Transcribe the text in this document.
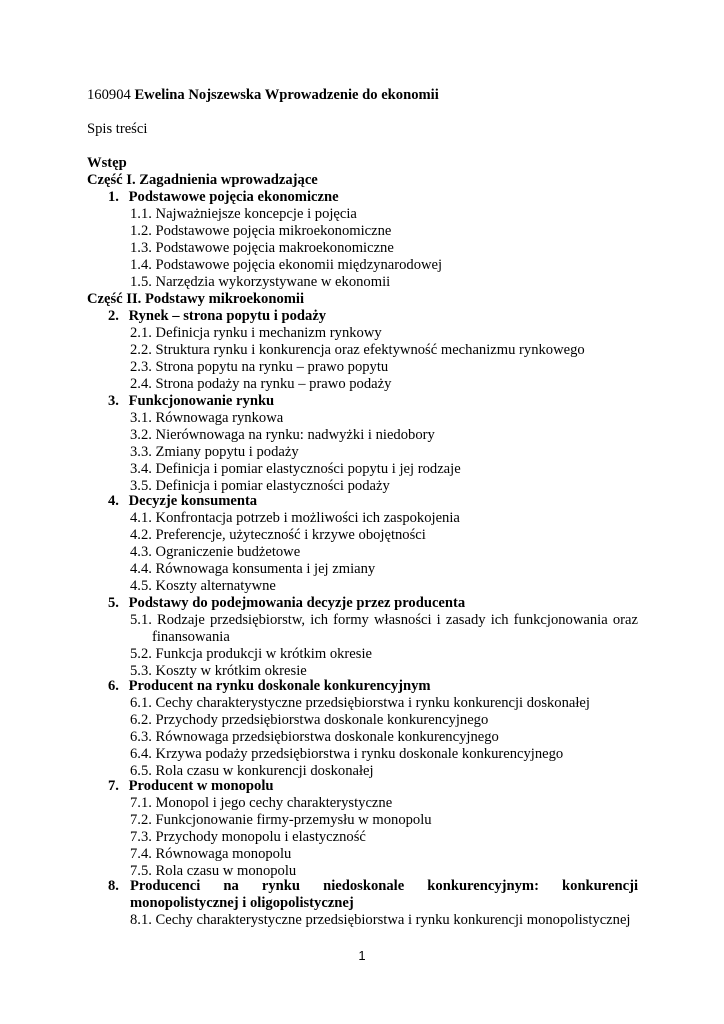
160904 Ewelina Nojszewska Wprowadzenie do ekonomii
Spis treści
Wstęp
Część I. Zagadnienia wprowadzające
1. Podstawowe pojęcia ekonomiczne
1.1. Najważniejsze koncepcje i pojęcia
1.2. Podstawowe pojęcia mikroekonomiczne
1.3. Podstawowe pojęcia makroekonomiczne
1.4. Podstawowe pojęcia ekonomii międzynarodowej
1.5. Narzędzia wykorzystywane w ekonomii
Część II. Podstawy mikroekonomii
2. Rynek – strona popytu i podaży
2.1. Definicja rynku i mechanizm rynkowy
2.2. Struktura rynku i konkurencja oraz efektywność mechanizmu rynkowego
2.3. Strona popytu na rynku – prawo popytu
2.4. Strona podaży na rynku – prawo podaży
3. Funkcjonowanie rynku
3.1. Równowaga rynkowa
3.2. Nierównowaga na rynku: nadwyżki i niedobory
3.3. Zmiany popytu i podaży
3.4. Definicja i pomiar elastyczności popytu i jej rodzaje
3.5. Definicja i pomiar elastyczności podaży
4. Decyzje konsumenta
4.1. Konfrontacja potrzeb i możliwości ich zaspokojenia
4.2. Preferencje, użyteczność i krzywe obojętności
4.3. Ograniczenie budżetowe
4.4. Równowaga konsumenta i jej zmiany
4.5. Koszty alternatywne
5. Podstawy do podejmowania decyzje przez producenta
5.1. Rodzaje przedsiębiorstw, ich formy własności i zasady ich funkcjonowania oraz
finansowania
5.2. Funkcja produkcji w krótkim okresie
5.3. Koszty w krótkim okresie
6. Producent na rynku doskonale konkurencyjnym
6.1. Cechy charakterystyczne przedsiębiorstwa i rynku konkurencji doskonałej
6.2. Przychody przedsiębiorstwa doskonale konkurencyjnego
6.3. Równowaga przedsiębiorstwa doskonale konkurencyjnego
6.4. Krzywa podaży przedsiębiorstwa i rynku doskonale konkurencyjnego
6.5. Rola czasu w konkurencji doskonałej
7. Producent w monopolu
7.1. Monopol i jego cechy charakterystyczne
7.2. Funkcjonowanie firmy-przemysłu w monopolu
7.3. Przychody monopolu i elastyczność
7.4. Równowaga monopolu
7.5. Rola czasu w monopolu
8. Producenci na rynku niedoskonale konkurencyjnym: konkurencji
monopolistycznej i oligopolistycznej
8.1. Cechy charakterystyczne przedsiębiorstwa i rynku konkurencji monopolistycznej
1
